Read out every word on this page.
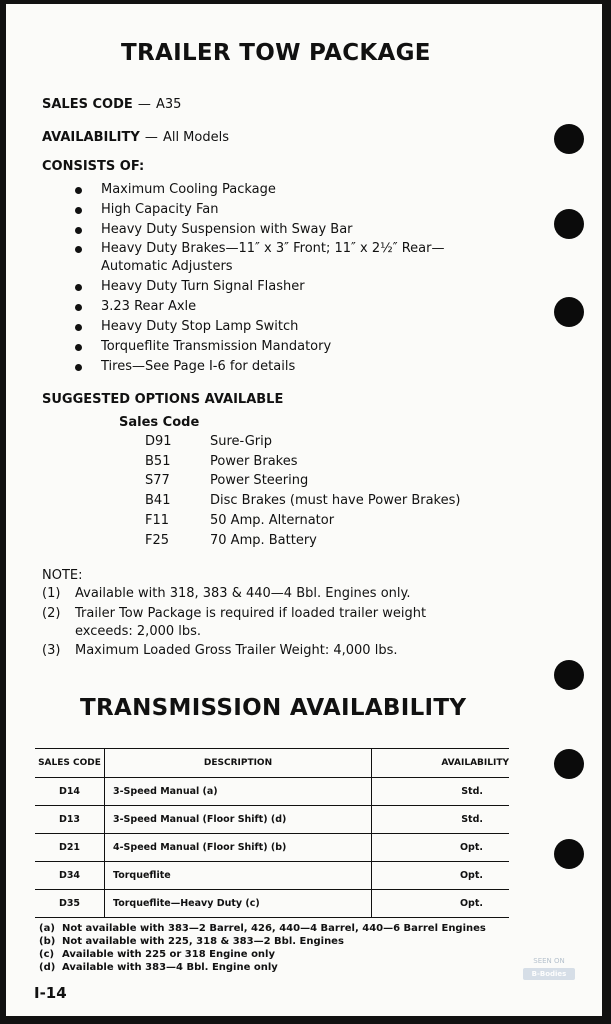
TRAILER TOW PACKAGE
SALES CODE — A35
AVAILABILITY — All Models
CONSISTS OF:
Maximum Cooling Package
High Capacity Fan
Heavy Duty Suspension with Sway Bar
Heavy Duty Brakes—11″ x 3″ Front; 11″ x 2½″ Rear—
Automatic Adjusters
Heavy Duty Turn Signal Flasher
3.23 Rear Axle
Heavy Duty Stop Lamp Switch
Torqueflite Transmission Mandatory
Tires—See Page I-6 for details
SUGGESTED OPTIONS AVAILABLE
Sales Code
D91	Sure-Grip
B51	Power Brakes
S77	Power Steering
B41	Disc Brakes (must have Power Brakes)
F11	50 Amp. Alternator
F25	70 Amp. Battery
NOTE:
(1) Available with 318, 383 & 440—4 Bbl. Engines only.
(2) Trailer Tow Package is required if loaded trailer weight
exceeds: 2,000 lbs.
(3) Maximum Loaded Gross Trailer Weight: 4,000 lbs.
TRANSMISSION AVAILABILITY
SALES CODE	DESCRIPTION	AVAILABILITY
D14	3-Speed Manual (a)	Std.
D13	3-Speed Manual (Floor Shift) (d)	Std.
D21	4-Speed Manual (Floor Shift) (b)	Opt.
D34	Torqueflite	Opt.
D35	Torqueflite—Heavy Duty (c)	Opt.
(a) Not available with 383—2 Barrel, 426, 440—4 Barrel, 440—6 Barrel Engines
(b) Not available with 225, 318 & 383—2 Bbl. Engines
(c) Available with 225 or 318 Engine only
(d) Available with 383—4 Bbl. Engine only
I-14
SEEN ON
B-Bodies
